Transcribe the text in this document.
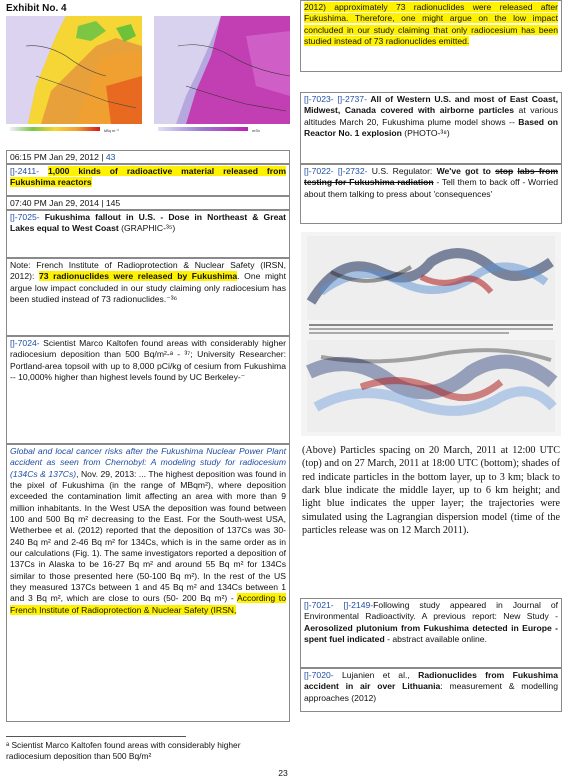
Exhibit No. 4
kBq m⁻²	mSv
06:15 PM Jan 29, 2012 | 43
[]-2411- 1,000 kinds of radioactive material released from Fukushima reactors
07:40 PM Jan 29, 2014 | 145
[]-7025- Fukushima fallout in U.S. - Dose in Northeast & Great Lakes equal to West Coast (GRAPHIC-³⁵)
Note: French Institute of Radioprotection & Nuclear Safety (IRSN, 2012): 73 radionuclides were released by Fukushima. One might argue low impact concluded in our study claiming only radiocesium has been studied instead of 73 radionuclides.⁻³⁶
[]-7024- Scientist Marco Kaltofen found areas with considerably higher radiocesium deposition than 500 Bq/m²-ᵃ - ³⁷; University Researcher: Portland-area topsoil with up to 8,000 pCi/kg of cesium from Fukushima -- 10,000% higher than highest levels found by UC Berkeley-⁻
Global and local cancer risks after the Fukushima Nuclear Power Plant accident as seen from Chernobyl: A modeling study for radiocesium (134Cs & 137Cs), Nov. 29, 2013: ... The highest deposition was found in the pixel of Fukushima (in the range of MBqm²), where deposition exceeded the contamination limit affecting an area with more than 9 million inhabitants. In the West USA the deposition was found between 100 and 500 Bq m² decreasing to the East. For the South-west USA, Wetherbee et al. (2012) reported that the deposition of 137Cs was 30-240 Bq m² and 2-46 Bq m² for 134Cs, which is in the same order as in our calculations (Fig. 1). The same investigators reported a deposition of 137Cs in Alaska to be 16-27 Bq m² and around 55 Bq m² for 134Cs similar to those presented here (50-100 Bq m²). In the rest of the US they measured 137Cs between 1 and 45 Bq m² and 134Cs between 1 and 3 Bq m², which are close to ours (50- 200 Bq m²) - According to French Institute of Radioprotection & Nuclear Safety (IRSN,
2012) approximately 73 radionuclides were released after Fukushima. Therefore, one might argue on the low impact concluded in our study claiming that only radiocesium has been studied instead of 73 radionuclides emitted.
[]-7023- []-2737- All of Western U.S. and most of East Coast, Midwest, Canada covered with airborne particles at various altitudes March 20, Fukushima plume model shows -- Based on Reactor No. 1 explosion (PHOTO-³⁸)
[]-7022- []-2732- U.S. Regulator: We've got to stop labs from testing for Fukushima radiation - Tell them to back off - Worried about them talking to press about 'consequences'
(Above) Particles spacing on 20 March, 2011 at 12:00 UTC (top) and on 27 March, 2011 at 18:00 UTC (bottom); shades of red indicate particles in the bottom layer, up to 3 km; black to dark blue indicate the middle layer, up to 6 km height; and light blue indicates the upper layer; the trajectories were simulated using the Lagrangian dispersion model (time of the particles release was on 12 March 2011).
[]-7021- []-2149-Following study appeared in Journal of Environmental Radioactivity. A previous report: New Study - Aerosolized plutonium from Fukushima detected in Europe - spent fuel indicated - abstract available online.
[]-7020- Lujanien et al., Radionuclides from Fukushima accident in air over Lithuania: measurement & modelling approaches (2012)
ᵃ Scientist Marco Kaltofen found areas with considerably higher radiocesium deposition than 500 Bq/m²
23
